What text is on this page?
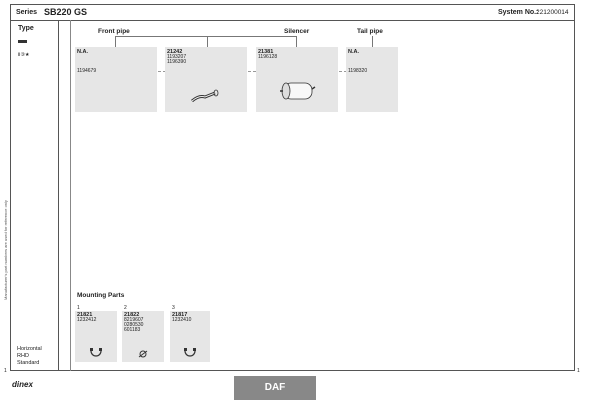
Manufacturer's part numbers are used for reference only
Series SB220 GS	System No.:
221200014
Type
Ⅱ③★
Front pipe	Silencer	Tail pipe
N.A.
1194679
21242
1193207
1196390
21381
1196128
N.A.
1198320
Mounting Parts
1
21821
1232412
2
21822
8219607
0280530
601183
3
21817
1232410
Horizontal
RHD
Standard
dinex	DAF
1	1
